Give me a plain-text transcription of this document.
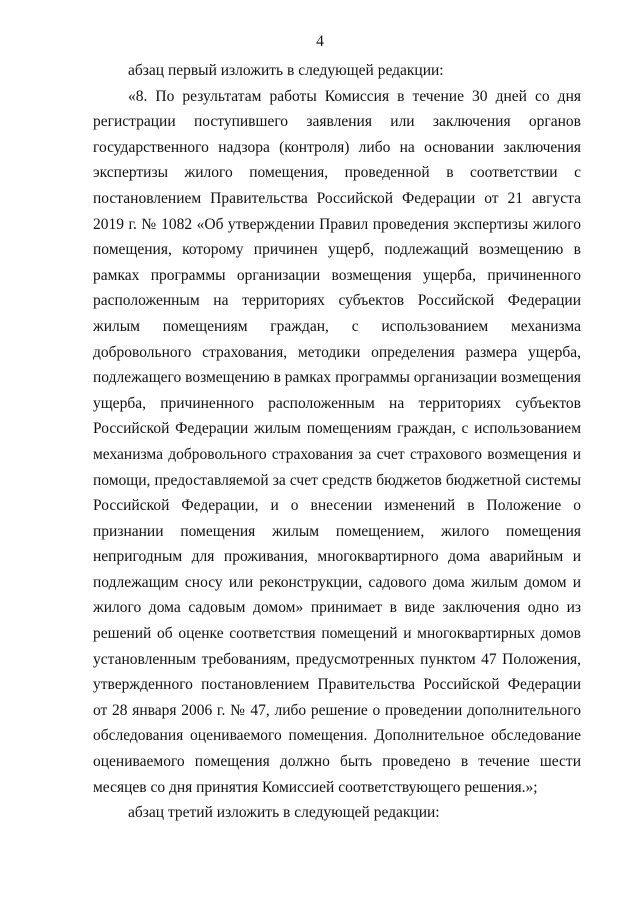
4

абзац первый изложить в следующей редакции:

«8. По результатам работы Комиссия в течение 30 дней со дня регистрации поступившего заявления или заключения органов государственного надзора (контроля) либо на основании заключения экспертизы жилого помещения, проведенной в соответствии с постановлением Правительства Российской Федерации от 21 августа 2019 г. № 1082 «Об утверждении Правил проведения экспертизы жилого помещения, которому причинен ущерб, подлежащий возмещению в рамках программы организации возмещения ущерба, причиненного расположенным на территориях субъектов Российской Федерации жилым помещениям граждан, с использованием механизма добровольного страхования, методики определения размера ущерба, подлежащего возмещению в рамках программы организации возмещения ущерба, причиненного расположенным на территориях субъектов Российской Федерации жилым помещениям граждан, с использованием механизма добровольного страхования за счет страхового возмещения и помощи, предоставляемой за счет средств бюджетов бюджетной системы Российской Федерации, и о внесении изменений в Положение о признании помещения жилым помещением, жилого помещения непригодным для проживания, многоквартирного дома аварийным и подлежащим сносу или реконструкции, садового дома жилым домом и жилого дома садовым домом» принимает в виде заключения одно из решений об оценке соответствия помещений и многоквартирных домов установленным требованиям, предусмотренных пунктом 47 Положения, утвержденного постановлением Правительства Российской Федерации от 28 января 2006 г. № 47, либо решение о проведении дополнительного обследования оцениваемого помещения. Дополнительное обследование оцениваемого помещения должно быть проведено в течение шести месяцев со дня принятия Комиссией соответствующего решения.»;

абзац третий изложить в следующей редакции:
